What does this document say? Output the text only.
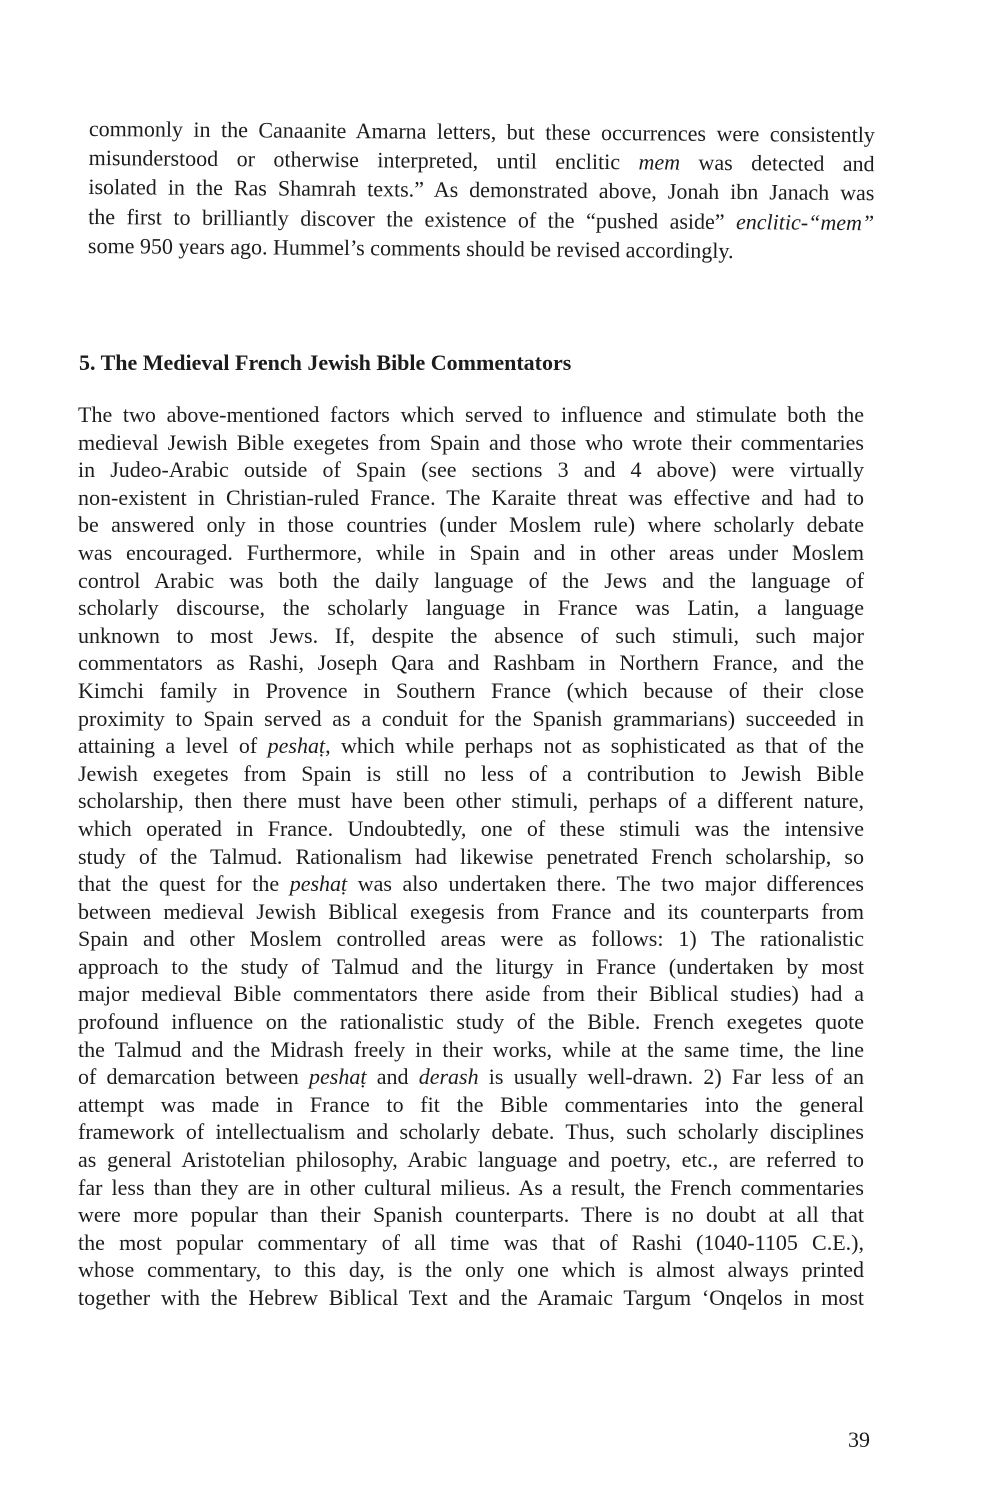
commonly in the Canaanite Amarna letters, but these occurrences were consistently
misunderstood or otherwise interpreted, until enclitic mem was detected and
isolated in the Ras Shamrah texts.” As demonstrated above, Jonah ibn Janach was
the first to brilliantly discover the existence of the “pushed aside” enclitic-“mem”
some 950 years ago. Hummel’s comments should be revised accordingly.
5. The Medieval French Jewish Bible Commentators
The two above-mentioned factors which served to influence and stimulate both the
medieval Jewish Bible exegetes from Spain and those who wrote their commentaries
in Judeo-Arabic outside of Spain (see sections 3 and 4 above) were virtually
non-existent in Christian-ruled France. The Karaite threat was effective and had to
be answered only in those countries (under Moslem rule) where scholarly debate
was encouraged. Furthermore, while in Spain and in other areas under Moslem
control Arabic was both the daily language of the Jews and the language of
scholarly discourse, the scholarly language in France was Latin, a language
unknown to most Jews. If, despite the absence of such stimuli, such major
commentators as Rashi, Joseph Qara and Rashbam in Northern France, and the
Kimchi family in Provence in Southern France (which because of their close
proximity to Spain served as a conduit for the Spanish grammarians) succeeded in
attaining a level of peshaṭ, which while perhaps not as sophisticated as that of the
Jewish exegetes from Spain is still no less of a contribution to Jewish Bible
scholarship, then there must have been other stimuli, perhaps of a different nature,
which operated in France. Undoubtedly, one of these stimuli was the intensive
study of the Talmud. Rationalism had likewise penetrated French scholarship, so
that the quest for the peshaṭ was also undertaken there. The two major differences
between medieval Jewish Biblical exegesis from France and its counterparts from
Spain and other Moslem controlled areas were as follows: 1) The rationalistic
approach to the study of Talmud and the liturgy in France (undertaken by most
major medieval Bible commentators there aside from their Biblical studies) had a
profound influence on the rationalistic study of the Bible. French exegetes quote
the Talmud and the Midrash freely in their works, while at the same time, the line
of demarcation between peshaṭ and derash is usually well-drawn. 2) Far less of an
attempt was made in France to fit the Bible commentaries into the general
framework of intellectualism and scholarly debate. Thus, such scholarly disciplines
as general Aristotelian philosophy, Arabic language and poetry, etc., are referred to
far less than they are in other cultural milieus. As a result, the French commentaries
were more popular than their Spanish counterparts. There is no doubt at all that
the most popular commentary of all time was that of Rashi (1040-1105 C.E.),
whose commentary, to this day, is the only one which is almost always printed
together with the Hebrew Biblical Text and the Aramaic Targum ‘Onqelos in most
39
